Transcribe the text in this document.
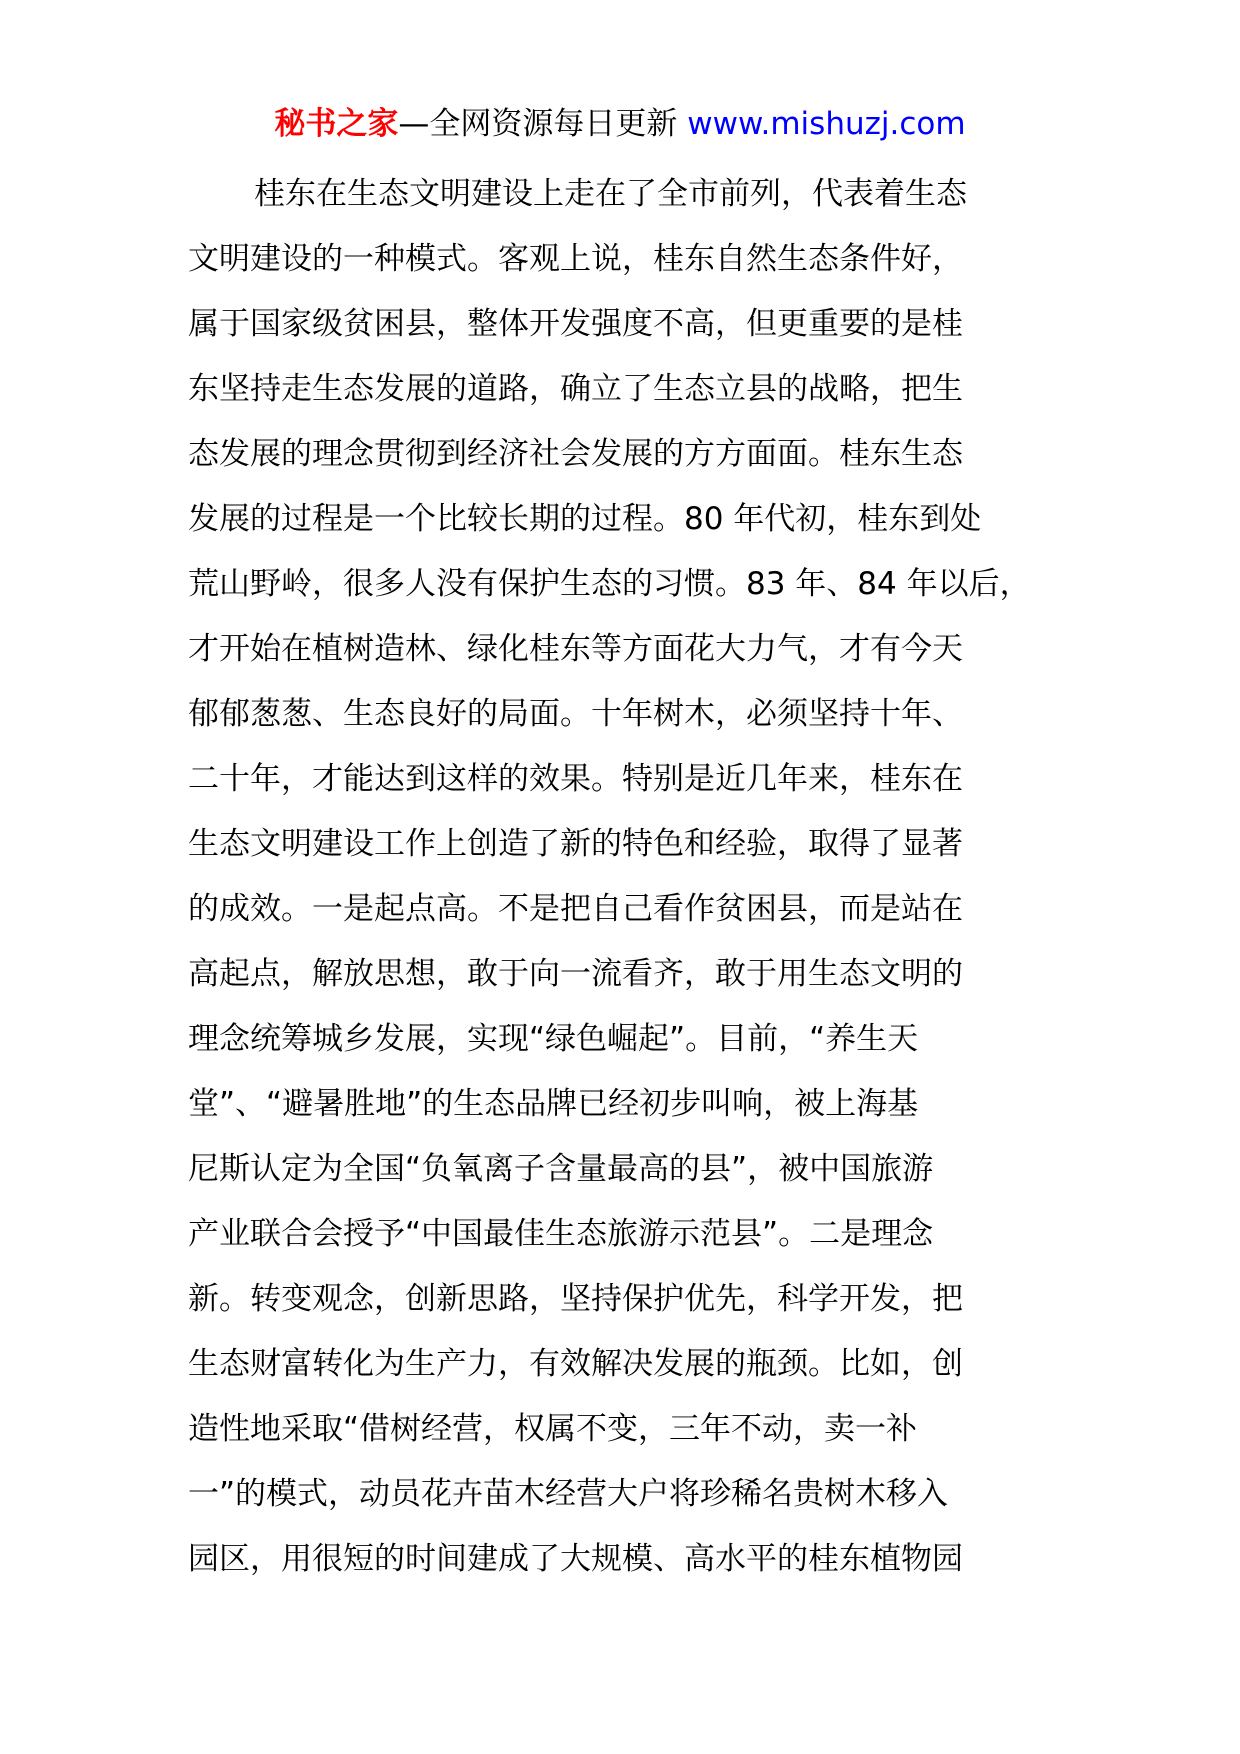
秘书之家—全网资源每日更新 www.mishuzj.com
桂东在生态文明建设上走在了全市前列，代表着生态
文明建设的一种模式。客观上说，桂东自然生态条件好，
属于国家级贫困县，整体开发强度不高，但更重要的是桂
东坚持走生态发展的道路，确立了生态立县的战略，把生
态发展的理念贯彻到经济社会发展的方方面面。桂东生态
发展的过程是一个比较长期的过程。80 年代初，桂东到处
荒山野岭，很多人没有保护生态的习惯。83 年、84 年以后，
才开始在植树造林、绿化桂东等方面花大力气，才有今天
郁郁葱葱、生态良好的局面。十年树木，必须坚持十年、
二十年，才能达到这样的效果。特别是近几年来，桂东在
生态文明建设工作上创造了新的特色和经验，取得了显著
的成效。一是起点高。不是把自己看作贫困县，而是站在
高起点，解放思想，敢于向一流看齐，敢于用生态文明的
理念统筹城乡发展，实现“绿色崛起”。目前，“养生天
堂”、“避暑胜地”的生态品牌已经初步叫响，被上海基
尼斯认定为全国“负氧离子含量最高的县”，被中国旅游
产业联合会授予“中国最佳生态旅游示范县”。二是理念
新。转变观念，创新思路，坚持保护优先，科学开发，把
生态财富转化为生产力，有效解决发展的瓶颈。比如，创
造性地采取“借树经营，权属不变，三年不动，卖一补
一”的模式，动员花卉苗木经营大户将珍稀名贵树木移入
园区，用很短的时间建成了大规模、高水平的桂东植物园
